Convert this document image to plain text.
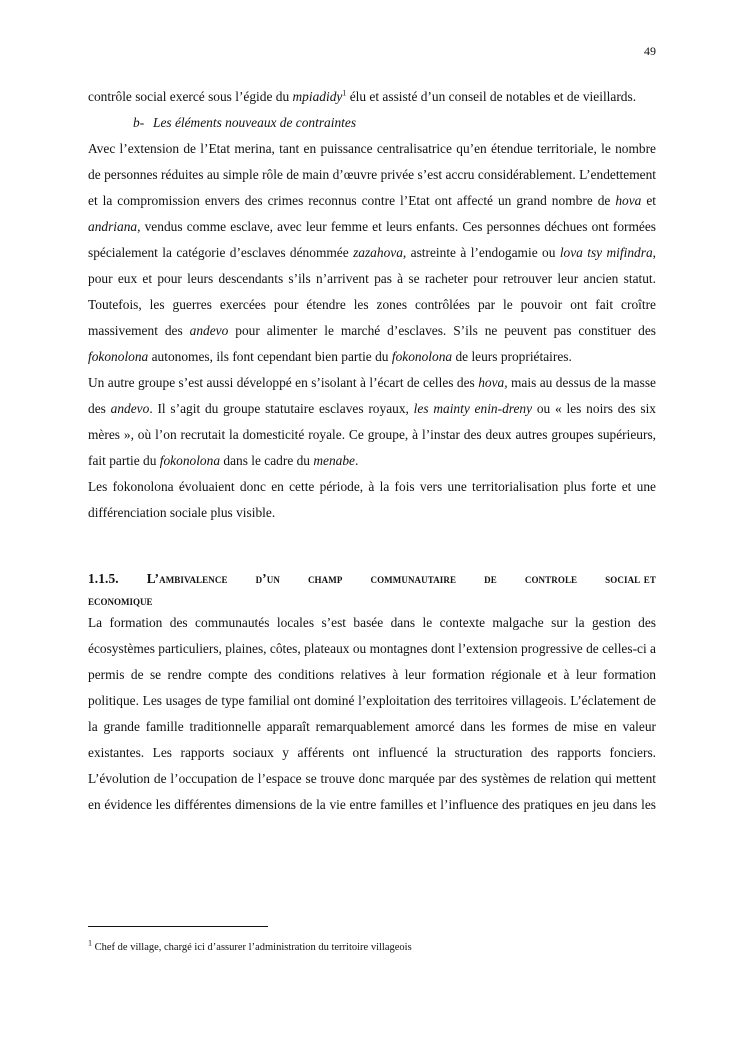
49

contrôle social exercé sous l’égide du mpiadidy$^1$ élu et assisté d’un conseil de notables et de vieillards.

b- Les éléments nouveaux de contraintes

Avec l’extension de l’Etat merina, tant en puissance centralisatrice qu’en étendue territoriale, le nombre de personnes réduites au simple rôle de main d’œuvre privée s’est accru considérablement. L’endettement et la compromission envers des crimes reconnus contre l’Etat ont affecté un grand nombre de hova et andriana, vendus comme esclave, avec leur femme et leurs enfants. Ces personnes déchues ont formées spécialement la catégorie d’esclaves dénommée zazahova, astreinte à l’endogamie ou lova tsy mifindra, pour eux et pour leurs descendants s’ils n’arrivent pas à se racheter pour retrouver leur ancien statut. Toutefois, les guerres exercées pour étendre les zones contrôlées par le pouvoir ont fait croître massivement des andevo pour alimenter le marché d’esclaves. S’ils ne peuvent pas constituer des fokonolona autonomes, ils font cependant bien partie du fokonolona de leurs propriétaires.

Un autre groupe s’est aussi développé en s’isolant à l’écart de celles des hova, mais au dessus de la masse des andevo. Il s’agit du groupe statutaire esclaves royaux, les mainty enin-dreny ou « les noirs des six mères », où l’on recrutait la domesticité royale. Ce groupe, à l’instar des deux autres groupes supérieurs, fait partie du fokonolona dans le cadre du menabe.

Les fokonolona évoluaient donc en cette période, à la fois vers une territorialisation plus forte et une différenciation sociale plus visible.

1.1.5. L’ambivalence d’un champ communautaire de controle social et
economique

La formation des communautés locales s’est basée dans le contexte malgache sur la gestion des écosystèmes particuliers, plaines, côtes, plateaux ou montagnes dont l’extension progressive de celles-ci a permis de se rendre compte des conditions relatives à leur formation régionale et à leur formation politique. Les usages de type familial ont dominé l’exploitation des territoires villageois. L’éclatement de la grande famille traditionnelle apparaît remarquablement amorcé dans les formes de mise en valeur existantes. Les rapports sociaux y afférents ont influencé la structuration des rapports fonciers. L’évolution de l’occupation de l’espace se trouve donc marquée par des systèmes de relation qui mettent en évidence les différentes dimensions de la vie entre familles et l’influence des pratiques en jeu dans les

$^1$ Chef de village, chargé ici d’assurer l’administration du territoire villageois
